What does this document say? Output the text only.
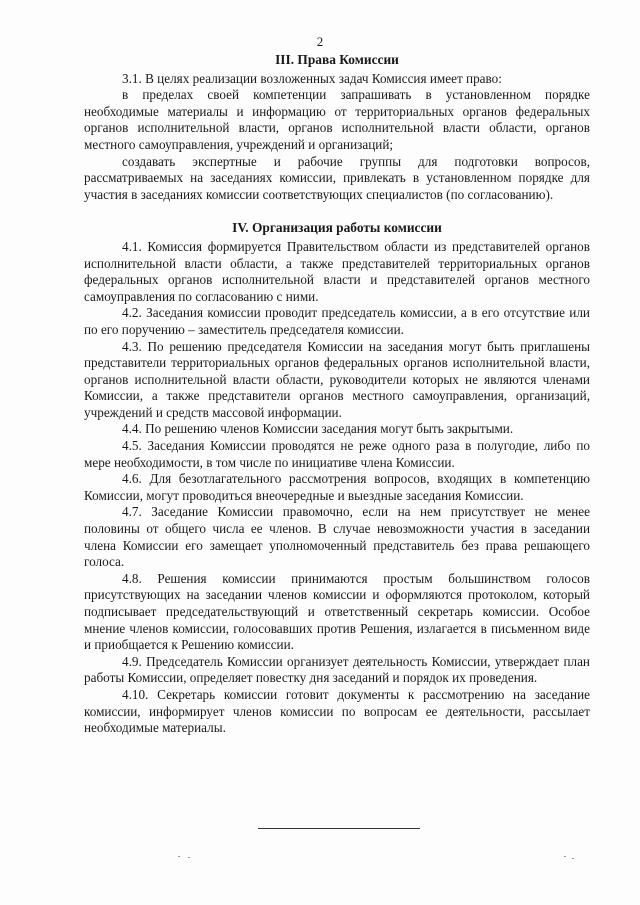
2

III. Права Комиссии

3.1. В целях реализации возложенных задач Комиссия имеет право:

в пределах своей компетенции запрашивать в установленном порядке необходимые материалы и информацию от территориальных органов федеральных органов исполнительной власти, органов исполнительной власти области, органов местного самоуправления, учреждений и организаций;

создавать экспертные и рабочие группы для подготовки вопросов, рассматриваемых на заседаниях комиссии, привлекать в установленном порядке для участия в заседаниях комиссии соответствующих специалистов (по согласованию).

IV. Организация работы комиссии

4.1. Комиссия формируется Правительством области из представителей органов исполнительной власти области, а также представителей территориальных органов федеральных органов исполнительной власти и представителей органов местного самоуправления по согласованию с ними.

4.2. Заседания комиссии проводит председатель комиссии, а в его отсутствие или по его поручению – заместитель председателя комиссии.

4.3. По решению председателя Комиссии на заседания могут быть приглашены представители территориальных органов федеральных органов исполнительной власти, органов исполнительной власти области, руководители которых не являются членами Комиссии, а также представители органов местного самоуправления, организаций, учреждений и средств массовой информации.

4.4. По решению членов Комиссии заседания могут быть закрытыми.

4.5. Заседания Комиссии проводятся не реже одного раза в полугодие, либо по мере необходимости, в том числе по инициативе члена Комиссии.

4.6. Для безотлагательного рассмотрения вопросов, входящих в компетенцию Комиссии, могут проводиться внеочередные и выездные заседания Комиссии.

4.7. Заседание Комиссии правомочно, если на нем присутствует не менее половины от общего числа ее членов. В случае невозможности участия в заседании члена Комиссии его замещает уполномоченный представитель без права решающего голоса.

4.8. Решения комиссии принимаются простым большинством голосов присутствующих на заседании членов комиссии и оформляются протоколом, который подписывает председательствующий и ответственный секретарь комиссии. Особое мнение членов комиссии, голосовавших против Решения, излагается в письменном виде и приобщается к Решению комиссии.

4.9. Председатель Комиссии организует деятельность Комиссии, утверждает план работы Комиссии, определяет повестку дня заседаний и порядок их проведения.

4.10. Секретарь комиссии готовит документы к рассмотрению на заседание комиссии, информирует членов комиссии по вопросам ее деятельности, рассылает необходимые материалы.
